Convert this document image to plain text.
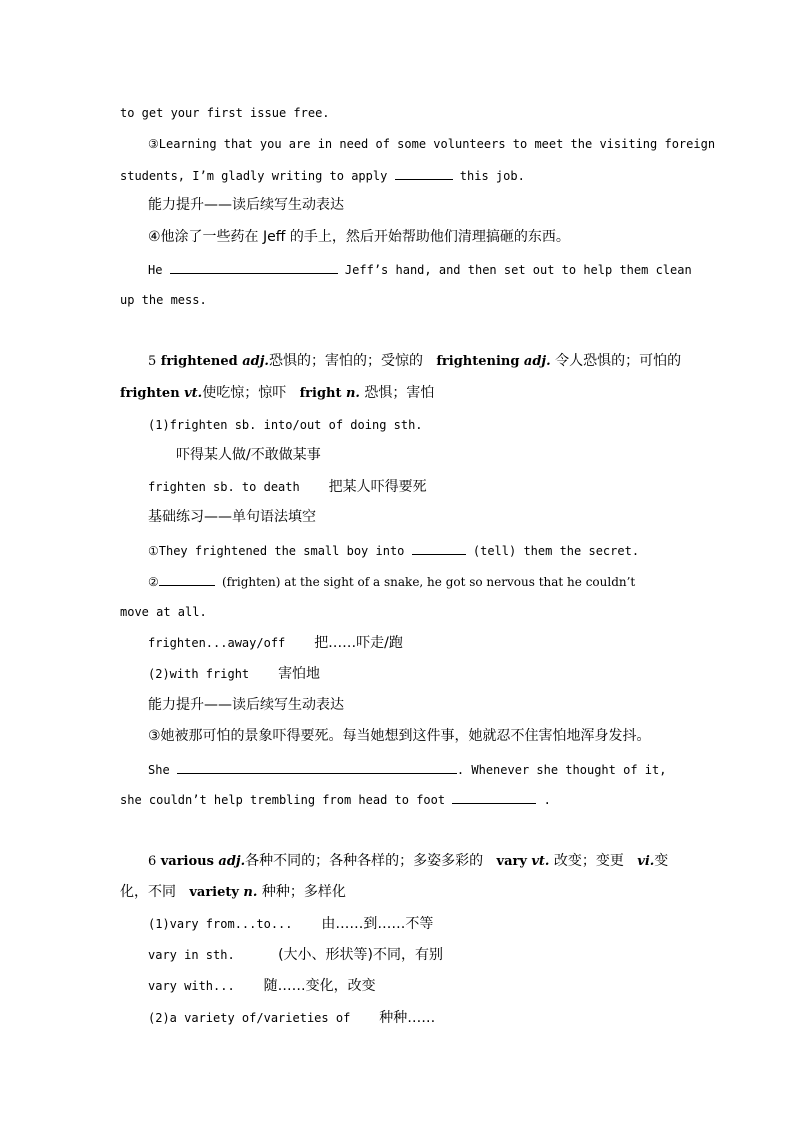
to get your first issue free.
③Learning that you are in need of some volunteers to meet the visiting foreign
students, I’m gladly writing to apply	this job.
能力提升——读后续写生动表达
④他涂了一些药在 Jeff 的手上，然后开始帮助他们清理搞砸的东西。
He	Jeff’s hand, and then set out to help them clean
up the mess.
5 frightened adj.恐惧的；害怕的；受惊的 frightening adj. 令人恐惧的；可怕的
frighten vt.使吃惊；惊吓 fright n. 恐惧；害怕
(1)frighten sb. into/out of doing sth.
吓得某人做/不敢做某事
frighten sb. to death 把某人吓得要死
基础练习——单句语法填空
①They frightened the small boy into	(tell) them the secret.
②	(frighten) at the sight of a snake, he got so nervous that he couldn’t
move at all.
frighten...away/off 把……吓走/跑
(2)with fright 害怕地
能力提升——读后续写生动表达
③她被那可怕的景象吓得要死。每当她想到这件事，她就忍不住害怕地浑身发抖。
She	. Whenever she thought of it,
she couldn’t help trembling from head to foot	.
6 various adj.各种不同的；各种各样的；多姿多彩的 vary vt. 改变；变更 vi.变
化，不同 variety n. 种种；多样化
(1)vary from...to... 由……到……不等
vary in sth.	(大小、形状等)不同，有别
vary with... 随……变化，改变
(2)a variety of/varieties of 种种……
